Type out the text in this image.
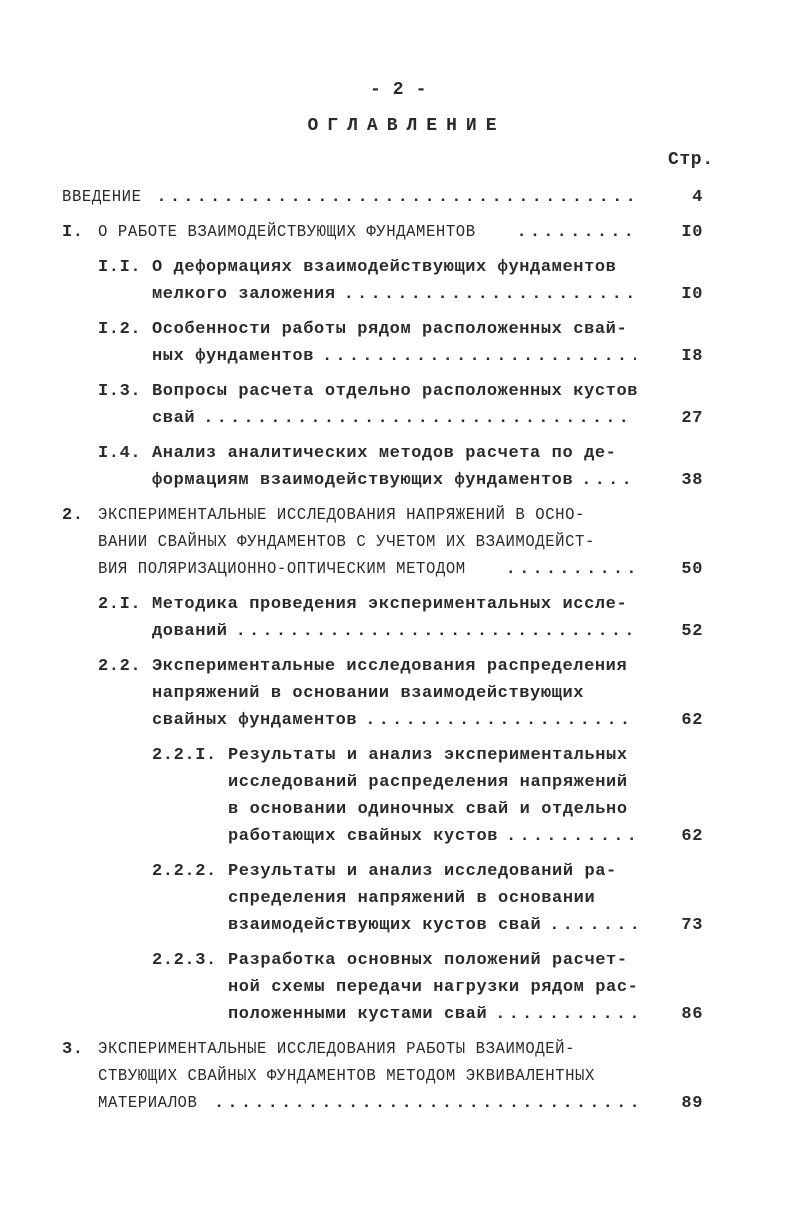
- 2 -
ОГЛАВЛЕНИЕ
Стр.
ВВЕДЕНИЕ .....	4
I. О РАБОТЕ ВЗАИМОДЕЙСТВУЮЩИХ ФУНДАМЕНТОВ .....	I0
I.I. О деформациях взаимодействующих фундаментов
мелкого заложения .....	I0
I.2. Особенности работы рядом расположенных свай-
ных фундаментов .....	I8
I.3. Вопросы расчета отдельно расположенных кустов
свай .....	27
I.4. Анализ аналитических методов расчета по де-
формациям взаимодействующих фундаментов .....	38
2. ЭКСПЕРИМЕНТАЛЬНЫЕ ИССЛЕДОВАНИЯ НАПРЯЖЕНИЙ В ОСНО-
ВАНИИ СВАЙНЫХ ФУНДАМЕНТОВ С УЧЕТОМ ИХ ВЗАИМОДЕЙСТ-
ВИЯ ПОЛЯРИЗАЦИОННО-ОПТИЧЕСКИМ МЕТОДОМ .....	50
2.I. Методика проведения экспериментальных иссле-
дований .....	52
2.2. Экспериментальные исследования распределения
напряжений в основании взаимодействующих
свайных фундаментов .....	62
2.2.I. Результаты и анализ экспериментальных
исследований распределения напряжений
в основании одиночных свай и отдельно
работающих свайных кустов .....	62
2.2.2. Результаты и анализ исследований ра-
спределения напряжений в основании
взаимодействующих кустов свай .....	73
2.2.3. Разработка основных положений расчет-
ной схемы передачи нагрузки рядом рас-
положенными кустами свай .....	86
3. ЭКСПЕРИМЕНТАЛЬНЫЕ ИССЛЕДОВАНИЯ РАБОТЫ ВЗАИМОДЕЙ-
СТВУЮЩИХ СВАЙНЫХ ФУНДАМЕНТОВ МЕТОДОМ ЭКВИВАЛЕНТНЫХ
МАТЕРИАЛОВ .....	89
